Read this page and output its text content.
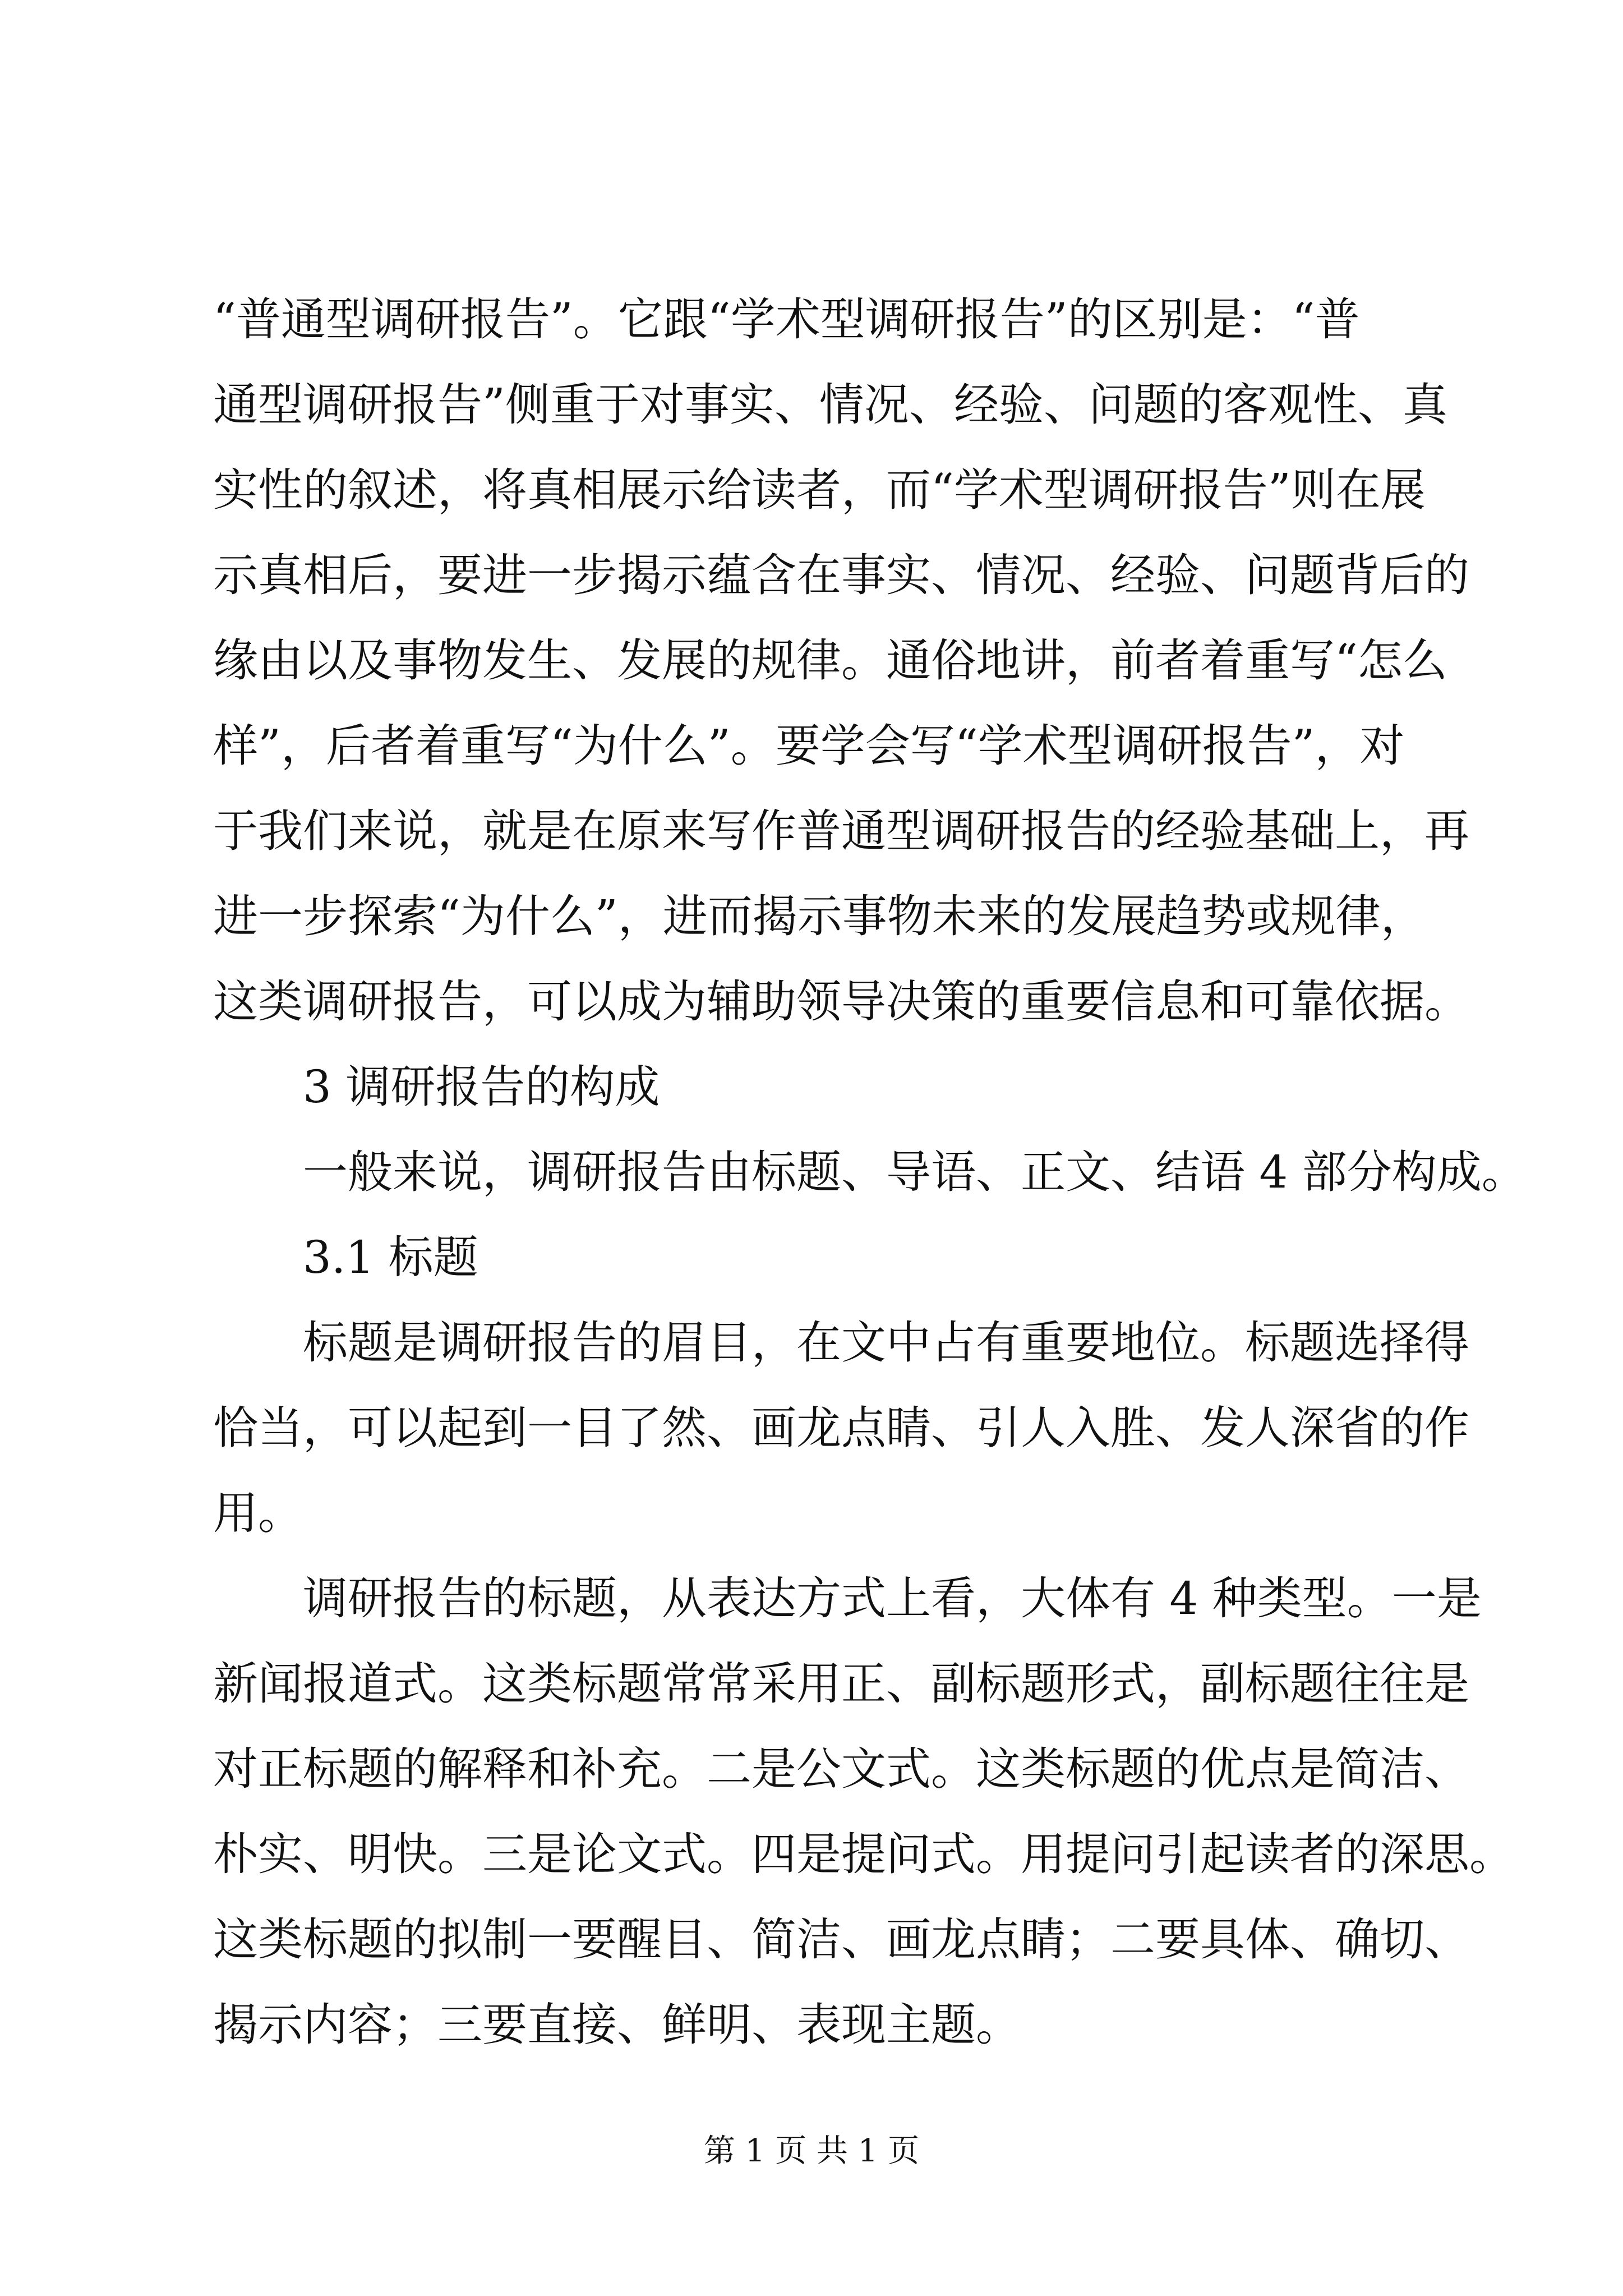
“普通型调研报告”。它跟“学术型调研报告”的区别是：“普
通型调研报告”侧重于对事实、情况、经验、问题的客观性、真
实性的叙述，将真相展示给读者，而“学术型调研报告”则在展
示真相后，要进一步揭示蕴含在事实、情况、经验、问题背后的
缘由以及事物发生、发展的规律。通俗地讲，前者着重写“怎么
样”，后者着重写“为什么”。要学会写“学术型调研报告”，对
于我们来说，就是在原来写作普通型调研报告的经验基础上，再
进一步探索“为什么”，进而揭示事物未来的发展趋势或规律，
这类调研报告，可以成为辅助领导决策的重要信息和可靠依据。
3 调研报告的构成
一般来说，调研报告由标题、导语、正文、结语 4 部分构成。
3.1 标题
标题是调研报告的眉目，在文中占有重要地位。标题选择得
恰当，可以起到一目了然、画龙点睛、引人入胜、发人深省的作
用。
调研报告的标题，从表达方式上看，大体有 4 种类型。一是
新闻报道式。这类标题常常采用正、副标题形式，副标题往往是
对正标题的解释和补充。二是公文式。这类标题的优点是简洁、
朴实、明快。三是论文式。四是提问式。用提问引起读者的深思。
这类标题的拟制一要醒目、简洁、画龙点睛；二要具体、确切、
第 1 页 共 1 页
揭示内容；三要直接、鲜明、表现主题。
